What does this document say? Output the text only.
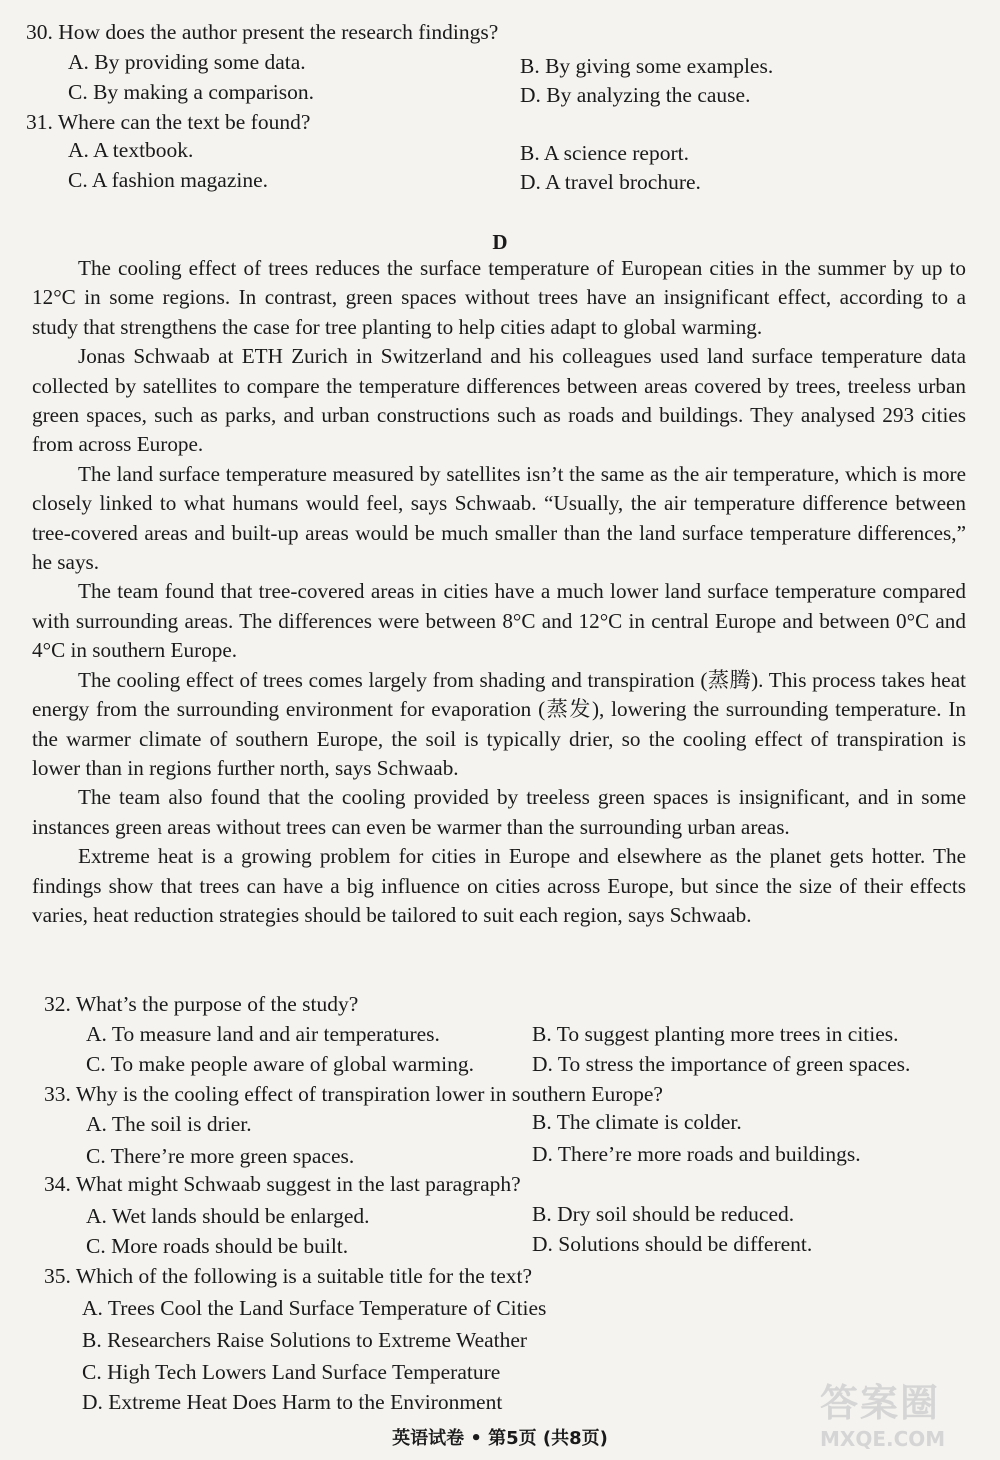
30. How does the author present the research findings?
A. By providing some data.	B. By giving some examples.
C. By making a comparison.	D. By analyzing the cause.
31. Where can the text be found?
A. A textbook.	B. A science report.
C. A fashion magazine.	D. A travel brochure.
D

The cooling effect of trees reduces the surface temperature of European cities in the summer by up to 12°C in some regions. In contrast, green spaces without trees have an insignificant effect, according to a study that strengthens the case for tree planting to help cities adapt to global warming.

Jonas Schwaab at ETH Zurich in Switzerland and his colleagues used land surface temperature data collected by satellites to compare the temperature differences between areas covered by trees, treeless urban green spaces, such as parks, and urban constructions such as roads and buildings. They analysed 293 cities from across Europe.

The land surface temperature measured by satellites isn’t the same as the air temperature, which is more closely linked to what humans would feel, says Schwaab. “Usually, the air temperature difference between tree-covered areas and built-up areas would be much smaller than the land surface temperature differences,” he says.

The team found that tree-covered areas in cities have a much lower land surface temperature compared with surrounding areas. The differences were between 8°C and 12°C in central Europe and between 0°C and 4°C in southern Europe.

The cooling effect of trees comes largely from shading and transpiration (蒸腾). This process takes heat energy from the surrounding environment for evaporation (蒸发), lowering the surrounding temperature. In the warmer climate of southern Europe, the soil is typically drier, so the cooling effect of transpiration is lower than in regions further north, says Schwaab.

The team also found that the cooling provided by treeless green spaces is insignificant, and in some instances green areas without trees can even be warmer than the surrounding urban areas.

Extreme heat is a growing problem for cities in Europe and elsewhere as the planet gets hotter. The findings show that trees can have a big influence on cities across Europe, but since the size of their effects varies, heat reduction strategies should be tailored to suit each region, says Schwaab.

32. What’s the purpose of the study?
A. To measure land and air temperatures.	B. To suggest planting more trees in cities.
C. To make people aware of global warming.	D. To stress the importance of green spaces.
33. Why is the cooling effect of transpiration lower in southern Europe?
A. The soil is drier.	B. The climate is colder.
C. There’re more green spaces.	D. There’re more roads and buildings.
34. What might Schwaab suggest in the last paragraph?
A. Wet lands should be enlarged.	B. Dry soil should be reduced.
C. More roads should be built.	D. Solutions should be different.
35. Which of the following is a suitable title for the text?
A. Trees Cool the Land Surface Temperature of Cities
B. Researchers Raise Solutions to Extreme Weather
C. High Tech Lowers Land Surface Temperature
D. Extreme Heat Does Harm to the Environment
英语试卷 • 第5页 (共8页)
答案圈
MXQE.COM
